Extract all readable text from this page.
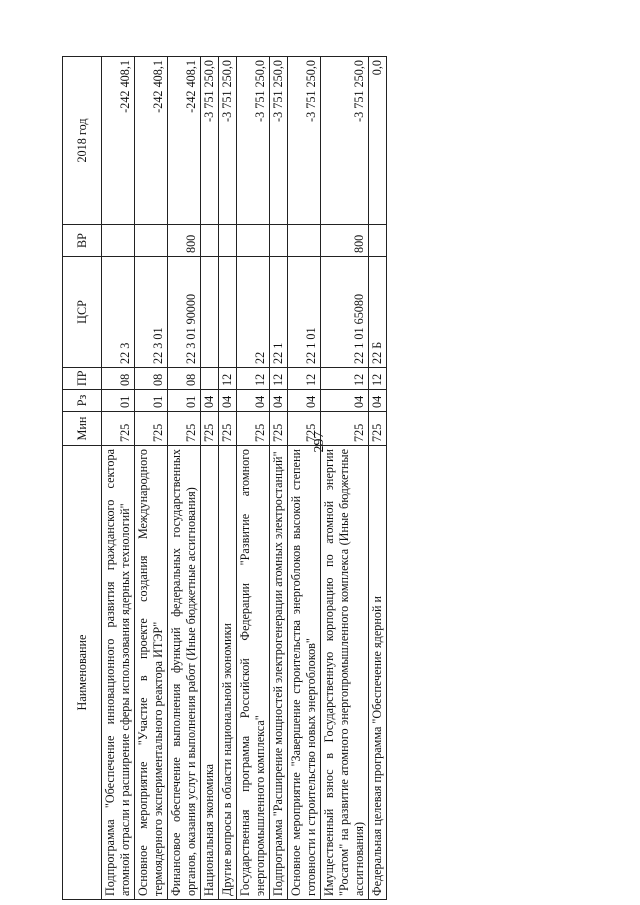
297
Наименование	Мин	Рз	ПР	ЦСР	ВР	2018 год
Подпрограмма "Обеспечение инновационного развития гражданского сектора атомной отрасли и расширение сферы использования ядерных технологий"	725	01	08	22 3		-242 408,1
Основное мероприятие "Участие в проекте создания Международного термоядерного экспериментального реактора ИТЭР"	725	01	08	22 3 01		-242 408,1
Финансовое обеспечение выполнения функций федеральных государственных органов, оказания услуг и выполнения работ (Иные бюджетные ассигнования)	725	01	08	22 3 01 90000	800	-242 408,1
Национальная экономика	725	04				-3 751 250,0
Другие вопросы в области национальной экономики	725	04	12			-3 751 250,0
Государственная программа Российской Федерации "Развитие атомного энергопромышленного комплекса"	725	04	12	22		-3 751 250,0
Подпрограмма "Расширение мощностей электрогенерации атомных электростанций"	725	04	12	22 1		-3 751 250,0
Основное мероприятие "Завершение строительства энергоблоков высокой степени готовности и строительство новых энергоблоков"	725	04	12	22 1 01		-3 751 250,0
Имущественный взнос в Государственную корпорацию по атомной энергии "Росатом" на развитие атомного энергопромышленного комплекса (Иные бюджетные ассигнования)	725	04	12	22 1 01 65080	800	-3 751 250,0
Федеральная целевая программа "Обеспечение ядерной и	725	04	12	22 Б		0,0
